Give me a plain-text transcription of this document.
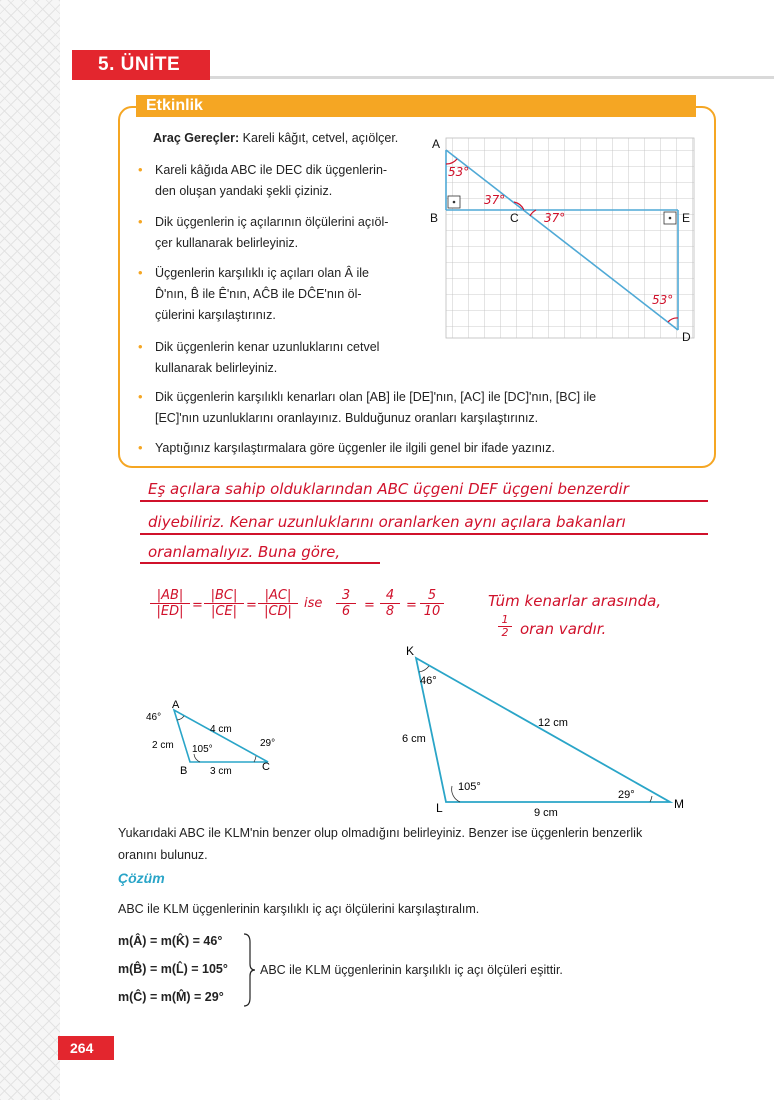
5. ÜNİTE
Etkinlik
Araç Gereçler: Kareli kâğıt, cetvel, açıölçer.
• Kareli kâğıda ABC ile DEC dik üçgenlerin-
den oluşan yandaki şekli çiziniz.
• Dik üçgenlerin iç açılarının ölçülerini açıöl-
çer kullanarak belirleyiniz.
• Üçgenlerin karşılıklı iç açıları olan Â ile
D̂'nın, B̂ ile Ê'nın, AĈB ile DĈE'nın öl-
çülerini karşılaştırınız.
• Dik üçgenlerin kenar uzunluklarını cetvel
kullanarak belirleyiniz.
• Dik üçgenlerin karşılıklı kenarları olan [AB] ile [DE]'nın, [AC] ile [DC]'nın, [BC] ile
[EC]'nın uzunluklarını oranlayınız. Bulduğunuz oranları karşılaştırınız.
• Yaptığınız karşılaştırmalara göre üçgenler ile ilgili genel bir ifade yazınız.
A
B	C	E
D
53°
37°
37°
53°
Eş açılara sahip olduklarından ABC üçgeni DEF üçgeni benzerdir
diyebiliriz. Kenar uzunluklarını oranlarken aynı açılara bakanları
oranlamalıyız. Buna göre,
|AB|
|ED| =
|BC|
|CE| =
|AC|
|CD|
ise
3
6	=
4
8 =
5
10
Tüm kenarlar arasında,
1
2 oran vardır.
A
B	C
46°
105°
29°
2 cm
4 cm
3 cm
K
L	M
46°
105°
29°
6 cm
12 cm
9 cm
Yukarıdaki ABC ile KLM'nin benzer olup olmadığını belirleyiniz. Benzer ise üçgenlerin benzerlik
oranını bulunuz.
Çözüm
ABC ile KLM üçgenlerinin karşılıklı iç açı ölçülerini karşılaştıralım.
m(Â) = m(K̂) = 46°
m(B̂) = m(L̂) = 105°
m(Ĉ) = m(M̂) = 29°
ABC ile KLM üçgenlerinin karşılıklı iç açı ölçüleri eşittir.
264
